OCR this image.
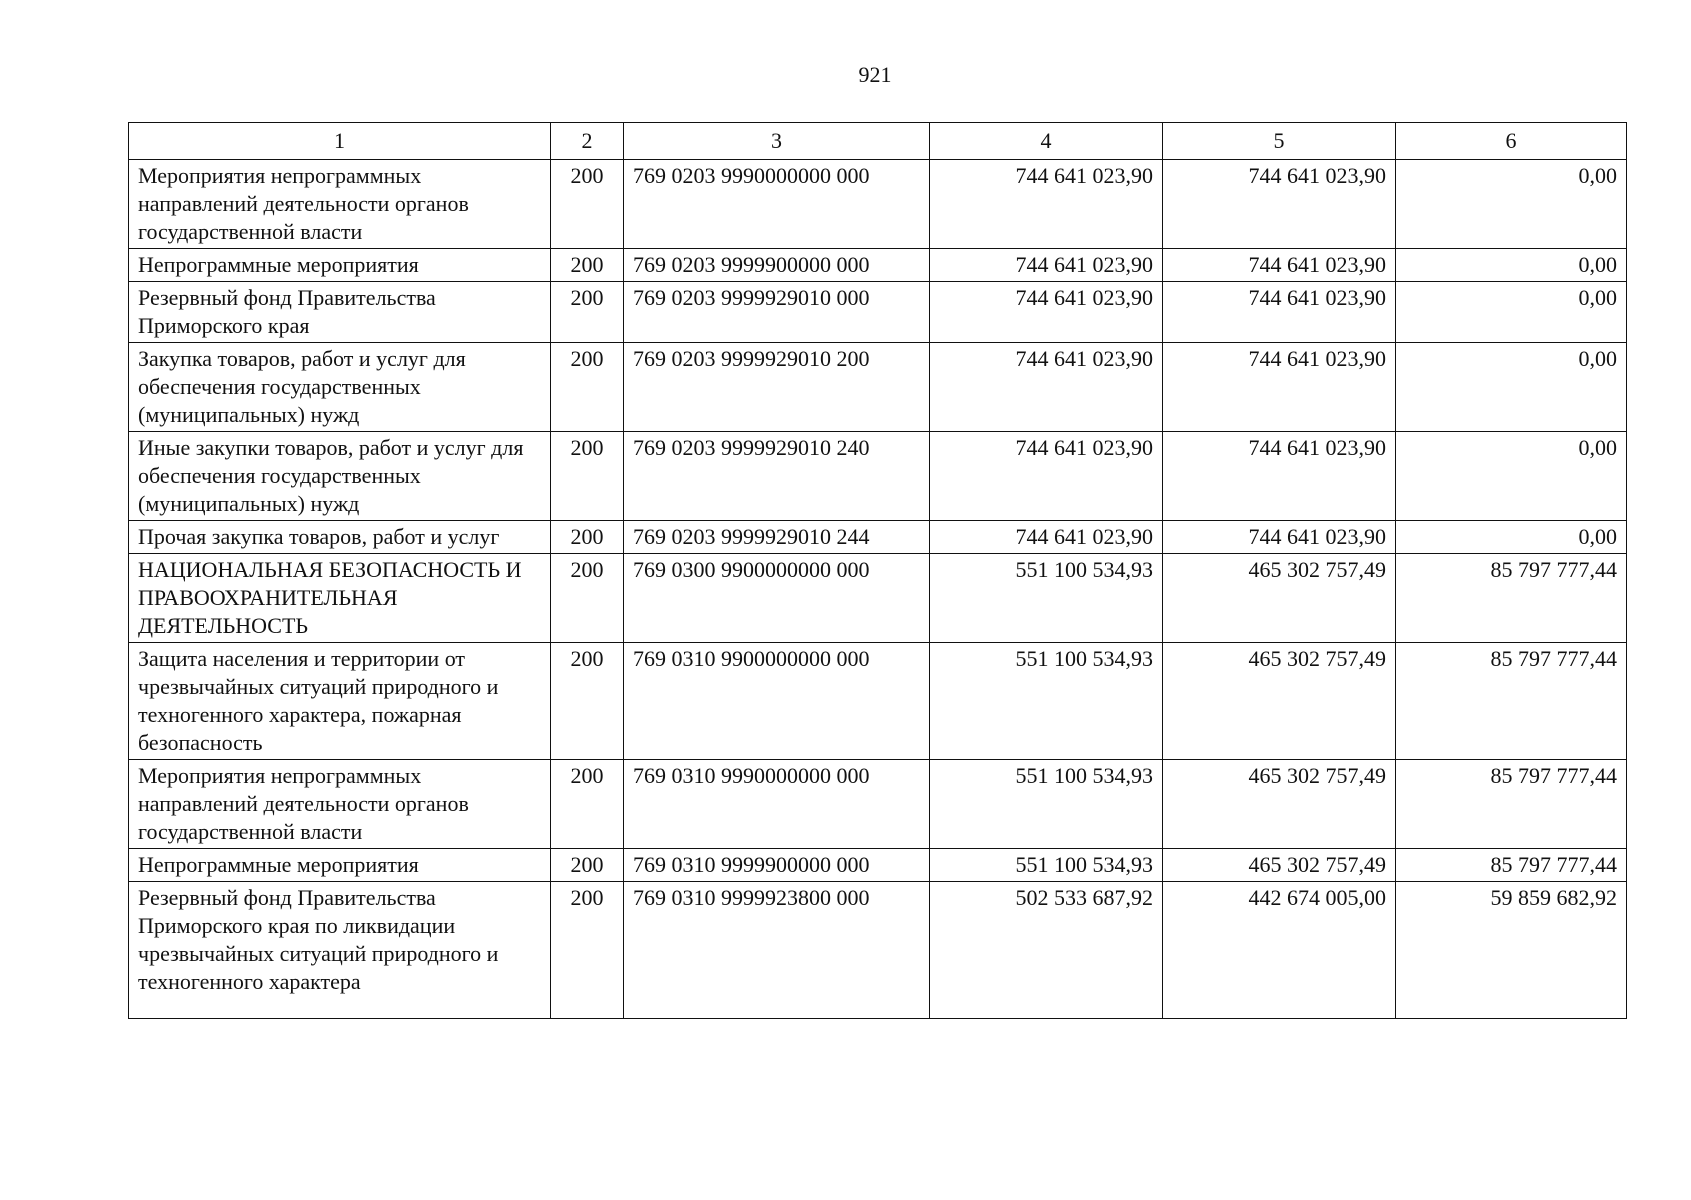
921
1	2	3	4	5	6
Мероприятия непрограммных направлений деятельности органов государственной власти	200	769 0203 9990000000 000	744 641 023,90	744 641 023,90	0,00
Непрограммные мероприятия	200	769 0203 9999900000 000	744 641 023,90	744 641 023,90	0,00
Резервный фонд Правительства Приморского края	200	769 0203 9999929010 000	744 641 023,90	744 641 023,90	0,00
Закупка товаров, работ и услуг для обеспечения государственных (муниципальных) нужд	200	769 0203 9999929010 200	744 641 023,90	744 641 023,90	0,00
Иные закупки товаров, работ и услуг для обеспечения государственных (муниципальных) нужд	200	769 0203 9999929010 240	744 641 023,90	744 641 023,90	0,00
Прочая закупка товаров, работ и услуг	200	769 0203 9999929010 244	744 641 023,90	744 641 023,90	0,00
НАЦИОНАЛЬНАЯ БЕЗОПАСНОСТЬ И ПРАВООХРАНИТЕЛЬНАЯ ДЕЯТЕЛЬНОСТЬ	200	769 0300 9900000000 000	551 100 534,93	465 302 757,49	85 797 777,44
Защита населения и территории от чрезвычайных ситуаций природного и техногенного характера, пожарная безопасность	200	769 0310 9900000000 000	551 100 534,93	465 302 757,49	85 797 777,44
Мероприятия непрограммных направлений деятельности органов государственной власти	200	769 0310 9990000000 000	551 100 534,93	465 302 757,49	85 797 777,44
Непрограммные мероприятия	200	769 0310 9999900000 000	551 100 534,93	465 302 757,49	85 797 777,44
Резервный фонд Правительства Приморского края по ликвидации чрезвычайных ситуаций природного и техногенного характера	200	769 0310 9999923800 000	502 533 687,92	442 674 005,00	59 859 682,92
